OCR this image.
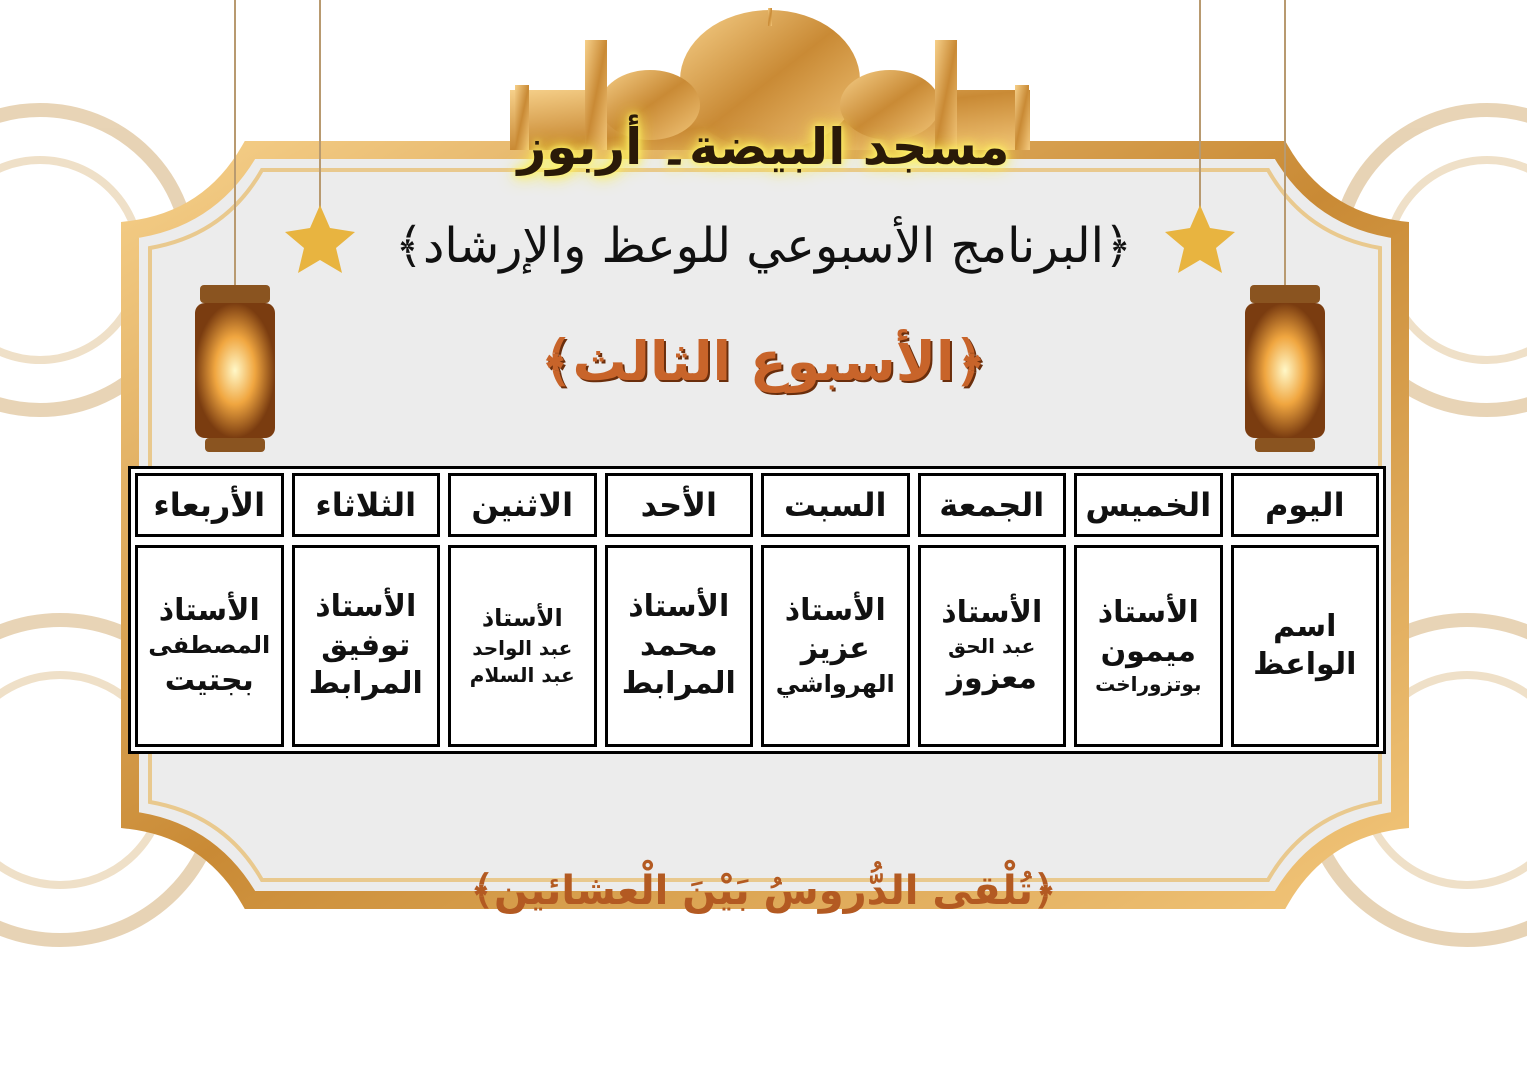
مسجد البيضة۔ أربوز
﴿البرنامج الأسبوعي للوعظ والإرشاد﴾
﴿الأسبوع الثالث﴾
اليوم
الخميس
الجمعة
السبت
الأحد
الاثنين
الثلاثاء
الأربعاء
اسم
الواعظ
الأستاذ
ميمون
بوتزوراخت
الأستاذ
عبد الحق
معزوز
الأستاذ
عزيز
الهرواشي
الأستاذ
محمد
المرابط
الأستاذ
عبد الواحد
عبد السلام
الأستاذ
توفيق
المرابط
الأستاذ
المصطفى
بجتيت
﴿تُلْقى الدُّروسُ بَيْنَ الْعشائين﴾
